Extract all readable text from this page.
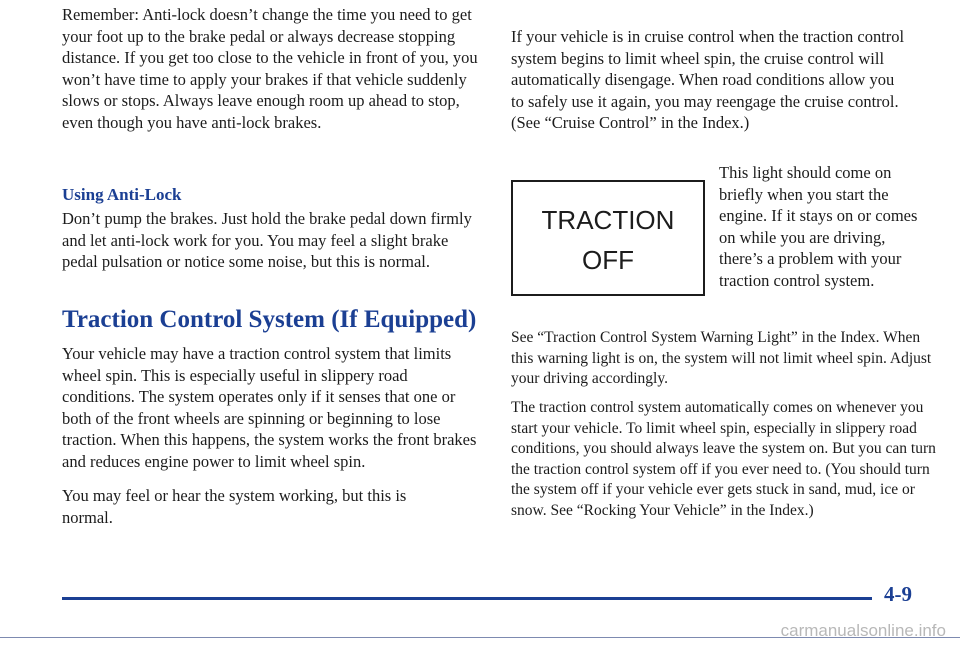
Remember: Anti-lock doesn’t change the time you need to get your foot up to the brake pedal or always decrease stopping distance. If you get too close to the vehicle in front of you, you won’t have time to apply your brakes if that vehicle suddenly slows or stops. Always leave enough room up ahead to stop, even though you have anti-lock brakes.

Using Anti-Lock

Don’t pump the brakes. Just hold the brake pedal down firmly and let anti-lock work for you. You may feel a slight brake pedal pulsation or notice some noise, but this is normal.

Traction Control System (If Equipped)

Your vehicle may have a traction control system that limits wheel spin. This is especially useful in slippery road conditions. The system operates only if it senses that one or both of the front wheels are spinning or beginning to lose traction. When this happens, the system works the front brakes and reduces engine power to limit wheel spin.

You may feel or hear the system working, but this is normal.

If your vehicle is in cruise control when the traction control system begins to limit wheel spin, the cruise control will automatically disengage. When road conditions allow you to safely use it again, you may reengage the cruise control. (See “Cruise Control” in the Index.)

TRACTION
OFF

This light should come on briefly when you start the engine. If it stays on or comes on while you are driving, there’s a problem with your traction control system.

See “Traction Control System Warning Light” in the Index. When this warning light is on, the system will not limit wheel spin. Adjust your driving accordingly.

The traction control system automatically comes on whenever you start your vehicle. To limit wheel spin, especially in slippery road conditions, you should always leave the system on. But you can turn the traction control system off if you ever need to. (You should turn the system off if your vehicle ever gets stuck in sand, mud, ice or snow. See “Rocking Your Vehicle” in the Index.)

4-9

carmanualsonline.info
